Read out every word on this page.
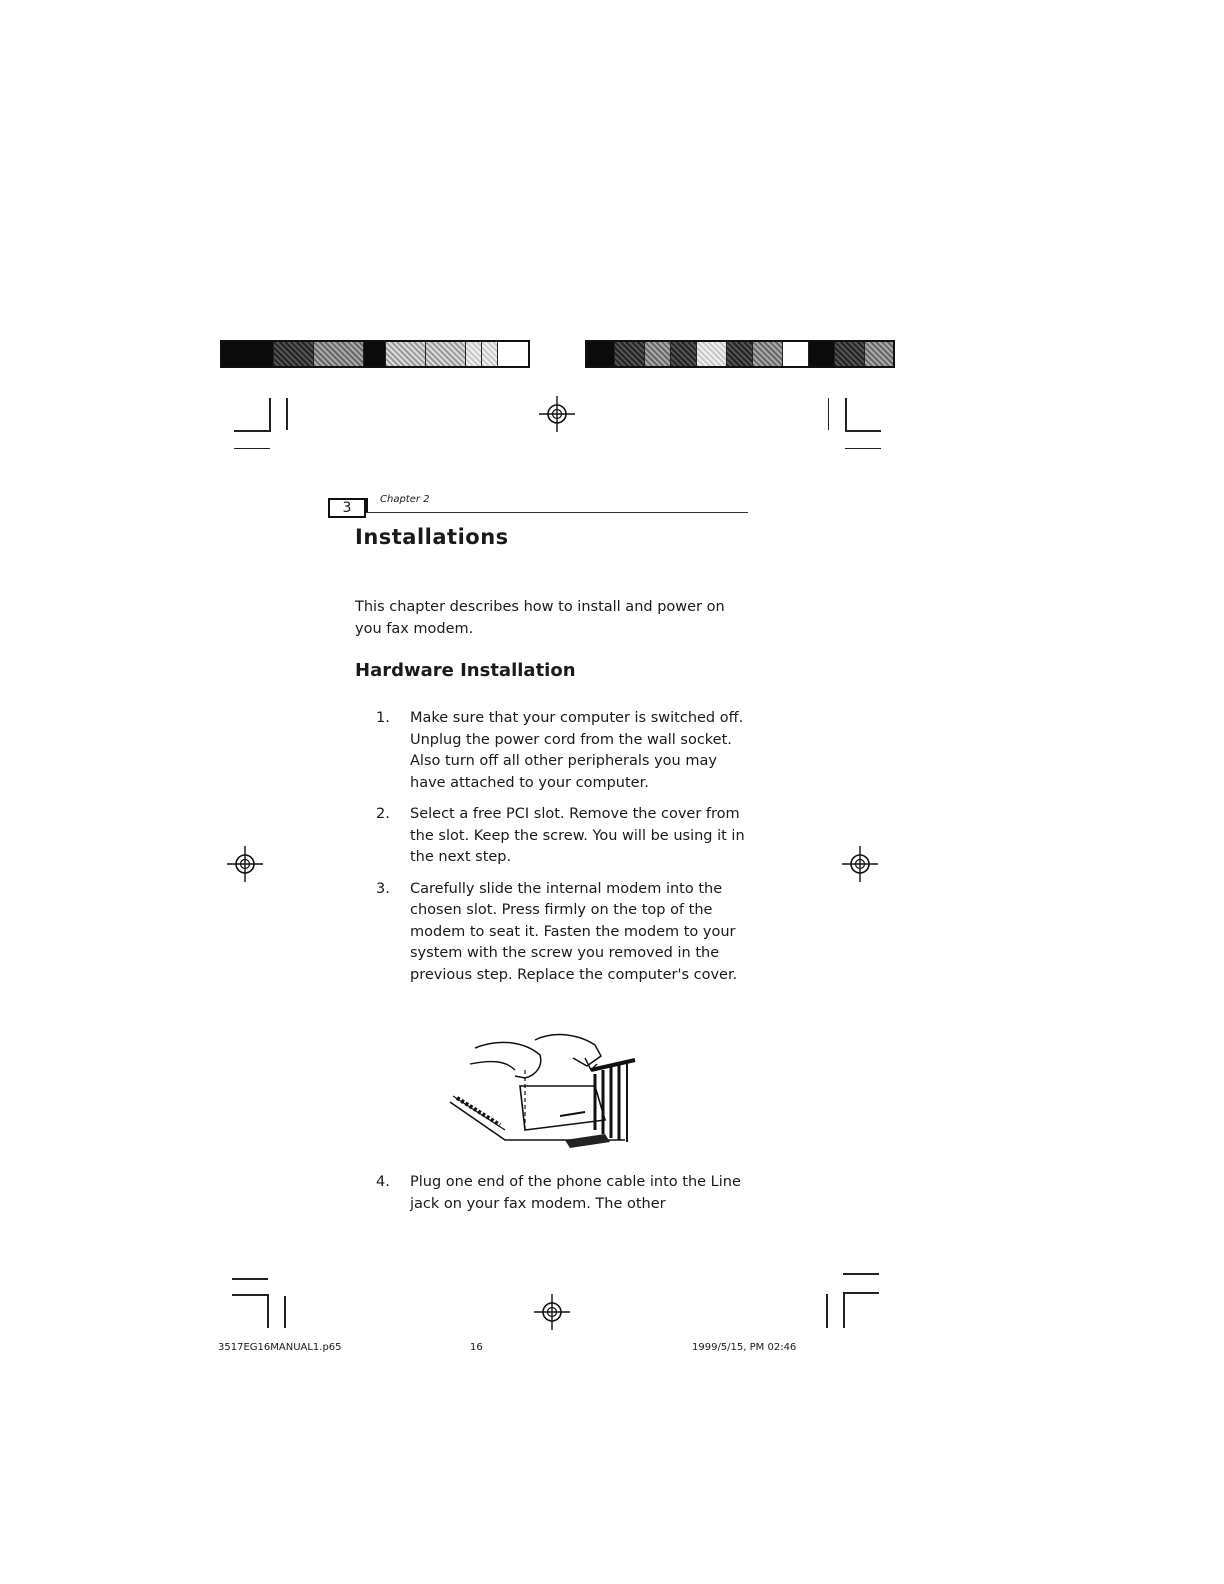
3
Chapter 2
Installations
This chapter describes how to install and power on you fax modem.
Hardware Installation
1.	Make sure that your computer is switched off. Unplug the power cord from the wall socket. Also turn off all other peripherals you may have attached to your computer.
2.	Select a free PCI slot. Remove the cover from the slot. Keep the screw. You will be using it in the next step.
3.	Carefully slide the internal modem into the chosen slot. Press firmly on the top of the modem to seat it. Fasten the modem to your system with the screw you removed in the previous step. Replace the computer's cover.
4.	Plug one end of the phone cable into the Line jack on your fax modem. The other
3517EG16MANUAL1.p65	16	1999/5/15, PM 02:46
